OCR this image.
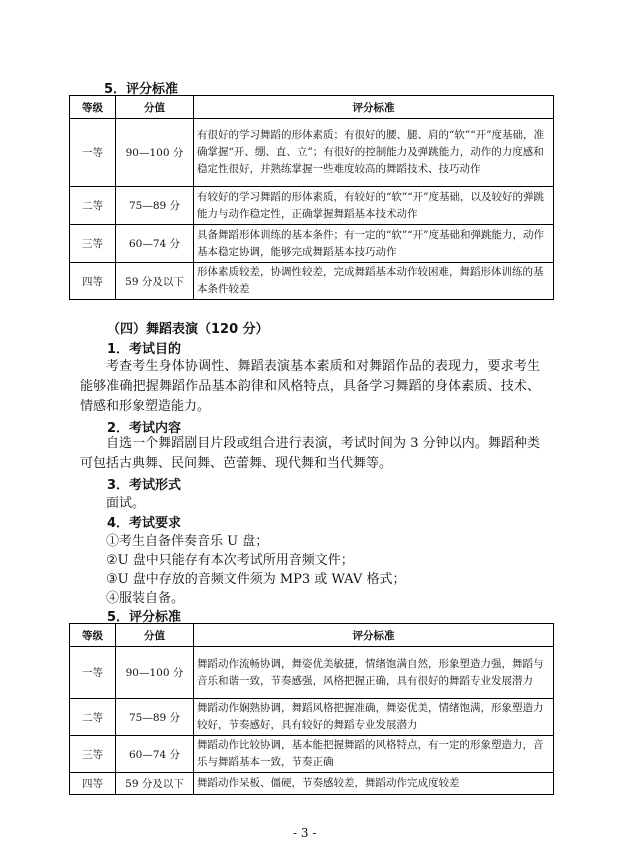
5．评分标准
等级	分值	评分标准
一等	90—100 分	有很好的学习舞蹈的形体素质；有很好的腰、腿、肩的“软”“开”度基础，准确掌握“开、绷、直、立”；有很好的控制能力及弹跳能力，动作的力度感和稳定性很好，并熟练掌握一些难度较高的舞蹈技术、技巧动作
二等	75—89 分	有较好的学习舞蹈的形体素质，有较好的“软”“开”度基础，以及较好的弹跳能力与动作稳定性，正确掌握舞蹈基本技术动作
三等	60—74 分	具备舞蹈形体训练的基本条件；有一定的“软”“开”度基础和弹跳能力，动作基本稳定协调，能够完成舞蹈基本技巧动作
四等	59 分及以下	形体素质较差，协调性较差，完成舞蹈基本动作较困难，舞蹈形体训练的基本条件较差
（四）舞蹈表演（120 分）
1．考试目的
考查考生身体协调性、舞蹈表演基本素质和对舞蹈作品的表现力，要求考生能够准确把握舞蹈作品基本韵律和风格特点，具备学习舞蹈的身体素质、技术、情感和形象塑造能力。
2．考试内容
自选一个舞蹈剧目片段或组合进行表演，考试时间为 3 分钟以内。舞蹈种类可包括古典舞、民间舞、芭蕾舞、现代舞和当代舞等。
3．考试形式
面试。
4．考试要求
①考生自备伴奏音乐 U 盘；
②U 盘中只能存有本次考试所用音频文件；
③U 盘中存放的音频文件须为 MP3 或 WAV 格式；
④服装自备。
5．评分标准
等级	分值	评分标准
一等	90—100 分	舞蹈动作流畅协调，舞姿优美敏捷，情绪饱满自然，形象塑造力强，舞蹈与音乐和谐一致，节奏感强，风格把握正确，具有很好的舞蹈专业发展潜力
二等	75—89 分	舞蹈动作娴熟协调，舞蹈风格把握准确，舞姿优美，情绪饱满，形象塑造力较好，节奏感好，具有较好的舞蹈专业发展潜力
三等	60—74 分	舞蹈动作比较协调，基本能把握舞蹈的风格特点，有一定的形象塑造力，音乐与舞蹈基本一致，节奏正确
四等	59 分及以下	舞蹈动作呆板、僵硬，节奏感较差，舞蹈动作完成度较差
- 3 -
